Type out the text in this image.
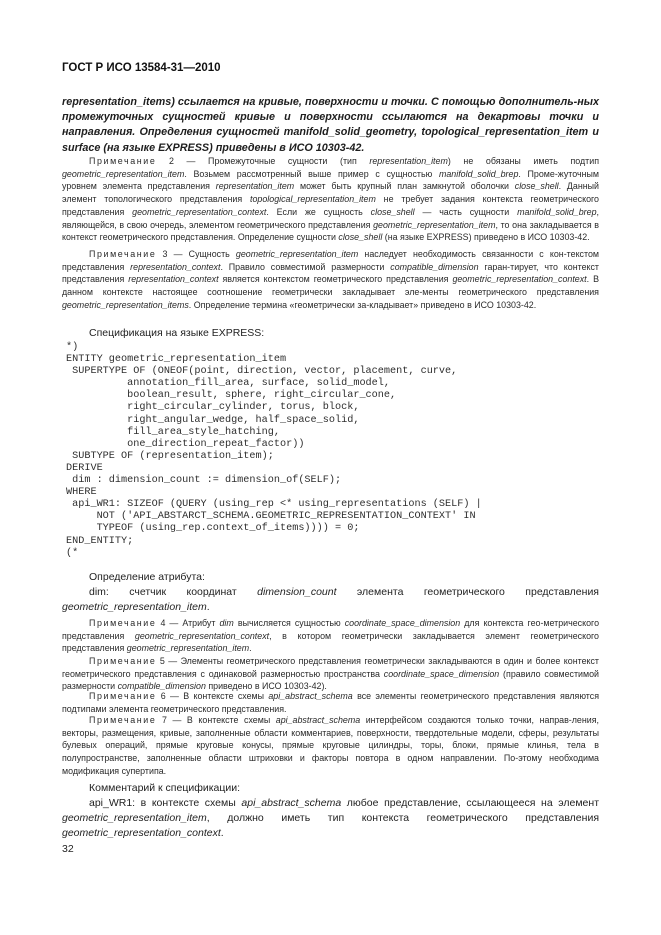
ГОСТ Р ИСО 13584-31—2010

representation_items) ссылается на кривые, поверхности и точки. С помощью дополнитель-ных промежуточных сущностей кривые и поверхности ссылаются на декартовы точки и направления. Определения сущностей manifold_solid_geometry, topological_representation_item и surface (на языке EXPRESS) приведены в ИСО 10303-42.

Примечание 2 — Промежуточные сущности (тип representation_item) не обязаны иметь подтип geometric_representation_item. Возьмем рассмотренный выше пример с сущностью manifold_solid_brep. Проме-жуточным уровнем элемента представления representation_item может быть крупный план замкнутой оболочки close_shell. Данный элемент топологического представления topological_representation_item не требует задания контекста геометрического представления geometric_representation_context. Если же сущность close_shell — часть сущности manifold_solid_brep, являющейся, в свою очередь, элементом геометрического представления geometric_representation_item, то она закладывается в контекст геометрического представления. Определение сущности close_shell (на языке EXPRESS) приведено в ИСО 10303-42.

Примечание 3 — Сущность geometric_representation_item наследует необходимость связанности с кон-текстом представления representation_context. Правило совместимой размерности compatible_dimension гаран-тирует, что контекст представления representation_context является контекстом геометрического представления geometric_representation_context. В данном контексте настоящее соотношение геометрически закладывает эле-менты геометрического представления geometric_representation_items. Определение термина «геометрически за-кладывает» приведено в ИСО 10303-42.

Спецификация на языке EXPRESS:

*)
ENTITY geometric_representation_item
SUPERTYPE OF (ONEOF(point, direction, vector, placement, curve,
annotation_fill_area, surface, solid_model,
boolean_result, sphere, right_circular_cone,
right_circular_cylinder, torus, block,
right_angular_wedge, half_space_solid,
fill_area_style_hatching,
one_direction_repeat_factor))
SUBTYPE OF (representation_item);
DERIVE
dim : dimension_count := dimension_of(SELF);
WHERE
api_WR1: SIZEOF (QUERY (using_rep <* using_representations (SELF) |
NOT ('API_ABSTARCT_SCHEMA.GEOMETRIC_REPRESENTATION_CONTEXT' IN
TYPEOF (using_rep.context_of_items)))) = 0;
END_ENTITY;
(*

Определение атрибута:

dim: счетчик координат dimension_count элемента геометрического представления geometric_representation_item.

Примечание 4 — Атрибут dim вычисляется сущностью coordinate_space_dimension для контекста гео-метрического представления geometric_representation_context, в котором геометрически закладывается элемент геометрического представления geometric_representation_item.

Примечание 5 — Элементы геометрического представления геометрически закладываются в один и более контекст геометрического представления с одинаковой размерностью пространства coordinate_space_dimension (правило совместимой размерности compatible_dimension приведено в ИСО 10303-42).

Примечание 6 — В контексте схемы api_abstract_schema все элементы геометрического представления являются подтипами элемента геометрического представления.

Примечание 7 — В контексте схемы api_abstract_schema интерфейсом создаются только точки, направ-ления, векторы, размещения, кривые, заполненные области комментариев, поверхности, твердотельные модели, сферы, результаты булевых операций, прямые круговые конусы, прямые круговые цилиндры, торы, блоки, прямые клинья, тела в полупространстве, заполненные области штриховки и факторы повтора в одном направлении. По-этому необходима модификация супертипа.

Комментарий к спецификации:

api_WR1: в контексте схемы api_abstract_schema любое представление, ссылающееся на элемент geometric_representation_item, должно иметь тип контекста геометрического представления geometric_representation_context.

32
